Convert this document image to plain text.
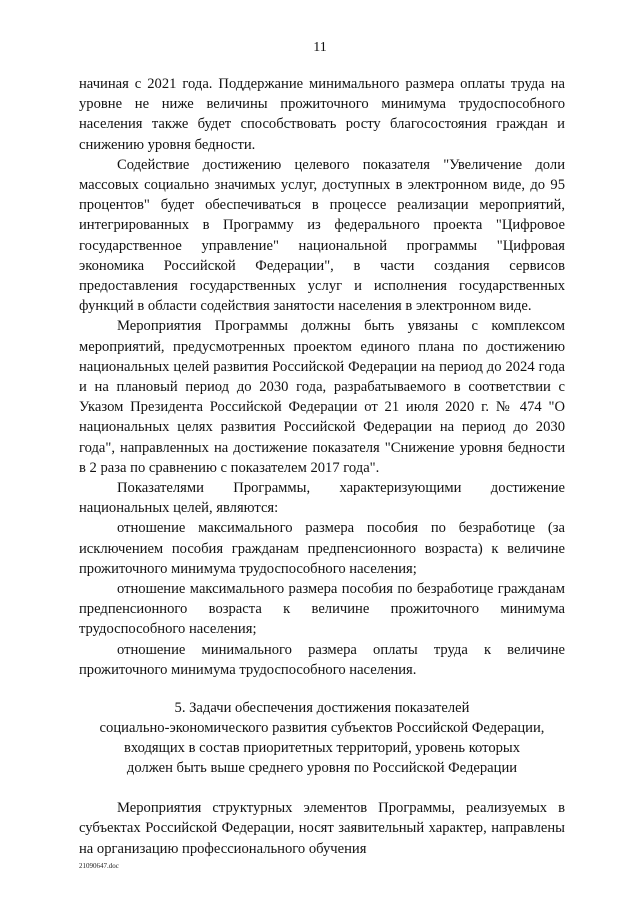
11

начиная с 2021 года. Поддержание минимального размера оплаты труда на уровне не ниже величины прожиточного минимума трудоспособного населения также будет способствовать росту благосостояния граждан и снижению уровня бедности.

Содействие достижению целевого показателя "Увеличение доли массовых социально значимых услуг, доступных в электронном виде, до 95 процентов" будет обеспечиваться в процессе реализации мероприятий, интегрированных в Программу из федерального проекта "Цифровое государственное управление" национальной программы "Цифровая экономика Российской Федерации", в части создания сервисов предоставления государственных услуг и исполнения государственных функций в области содействия занятости населения в электронном виде.

Мероприятия Программы должны быть увязаны с комплексом мероприятий, предусмотренных проектом единого плана по достижению национальных целей развития Российской Федерации на период до 2024 года и на плановый период до 2030 года, разрабатываемого в соответствии с Указом Президента Российской Федерации от 21 июля 2020 г. № 474 "О национальных целях развития Российской Федерации на период до 2030 года", направленных на достижение показателя "Снижение уровня бедности в 2 раза по сравнению с показателем 2017 года".

Показателями Программы, характеризующими достижение национальных целей, являются:

отношение максимального размера пособия по безработице (за исключением пособия гражданам предпенсионного возраста) к величине прожиточного минимума трудоспособного населения;

отношение максимального размера пособия по безработице гражданам предпенсионного возраста к величине прожиточного минимума трудоспособного населения;

отношение минимального размера оплаты труда к величине прожиточного минимума трудоспособного населения.

5. Задачи обеспечения достижения показателей
социально-экономического развития субъектов Российской Федерации,
входящих в состав приоритетных территорий, уровень которых
должен быть выше среднего уровня по Российской Федерации

Мероприятия структурных элементов Программы, реализуемых в субъектах Российской Федерации, носят заявительный характер, направлены на организацию профессионального обучения

21090647.doc
